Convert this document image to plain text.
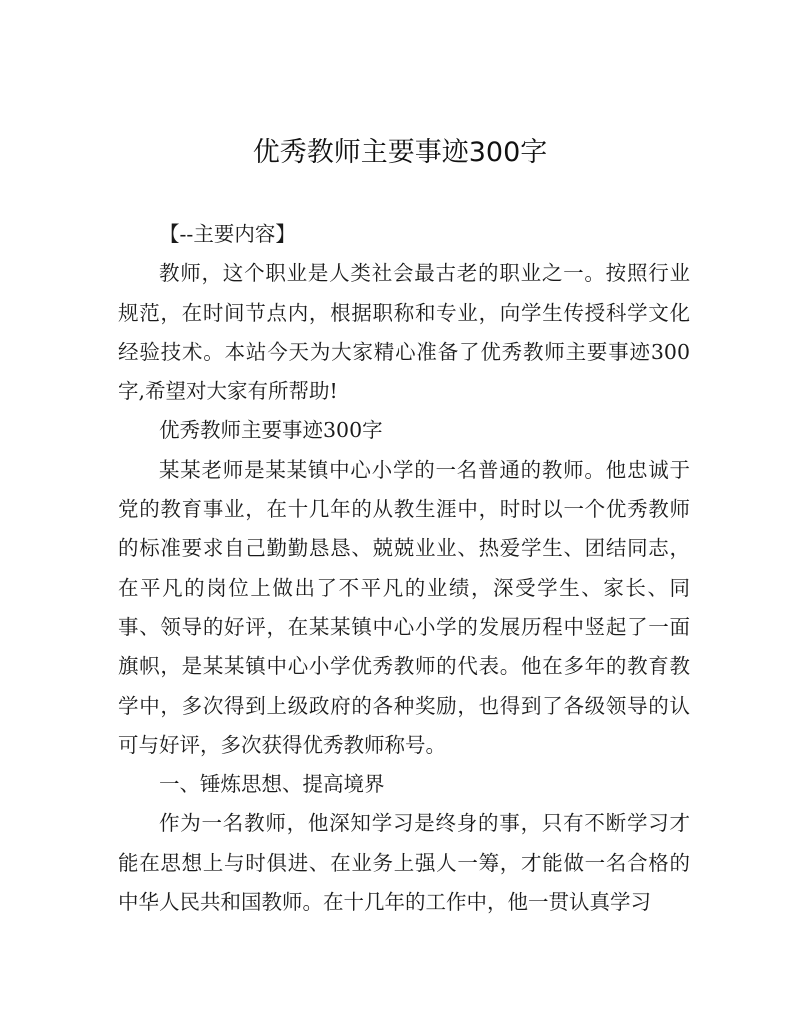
优秀教师主要事迹300字

【--主要内容】

教师，这个职业是人类社会最古老的职业之一。按照行业规范，在时间节点内，根据职称和专业，向学生传授科学文化经验技术。本站今天为大家精心准备了优秀教师主要事迹300字,希望对大家有所帮助!

优秀教师主要事迹300字

某某老师是某某镇中心小学的一名普通的教师。他忠诚于党的教育事业，在十几年的从教生涯中，时时以一个优秀教师的标准要求自己勤勤恳恳、兢兢业业、热爱学生、团结同志，在平凡的岗位上做出了不平凡的业绩，深受学生、家长、同事、领导的好评，在某某镇中心小学的发展历程中竖起了一面旗帜，是某某镇中心小学优秀教师的代表。他在多年的教育教学中，多次得到上级政府的各种奖励，也得到了各级领导的认可与好评，多次获得优秀教师称号。

一、锤炼思想、提高境界

作为一名教师，他深知学习是终身的事，只有不断学习才能在思想上与时俱进、在业务上强人一筹，才能做一名合格的中华人民共和国教师。在十几年的工作中，他一贯认真学习
